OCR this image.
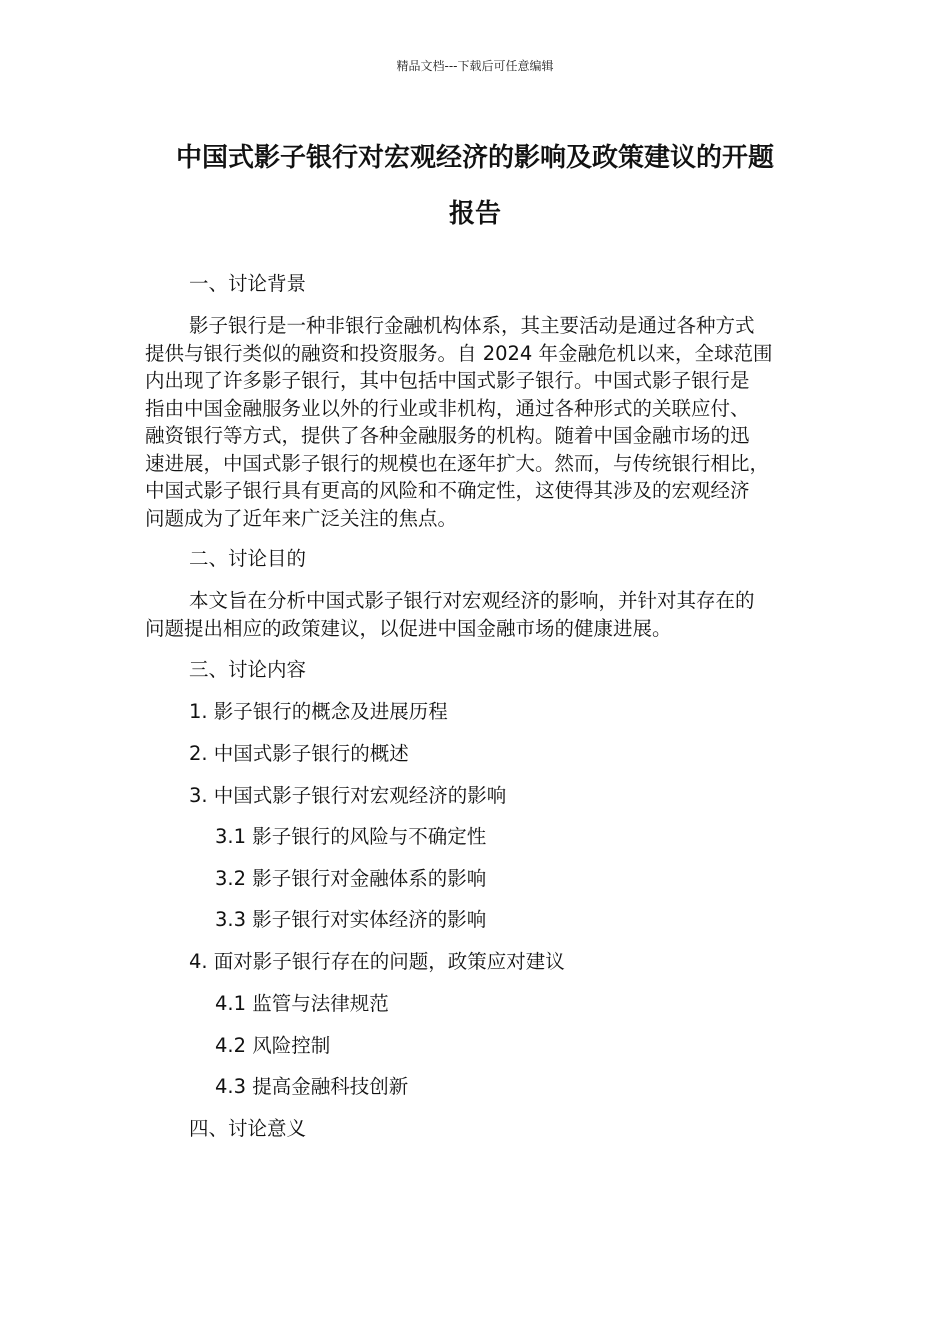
精品文档---下载后可任意编辑
中国式影子银行对宏观经济的影响及政策建议的开题
报告
一、讨论背景
影子银行是一种非银行金融机构体系，其主要活动是通过各种方式
提供与银行类似的融资和投资服务。自 2024 年金融危机以来，全球范围
内出现了许多影子银行，其中包括中国式影子银行。中国式影子银行是
指由中国金融服务业以外的行业或非机构，通过各种形式的关联应付、
融资银行等方式，提供了各种金融服务的机构。随着中国金融市场的迅
速进展，中国式影子银行的规模也在逐年扩大。然而，与传统银行相比，
中国式影子银行具有更高的风险和不确定性，这使得其涉及的宏观经济
问题成为了近年来广泛关注的焦点。
二、讨论目的
本文旨在分析中国式影子银行对宏观经济的影响，并针对其存在的
问题提出相应的政策建议，以促进中国金融市场的健康进展。
三、讨论内容
1. 影子银行的概念及进展历程
2. 中国式影子银行的概述
3. 中国式影子银行对宏观经济的影响
3.1 影子银行的风险与不确定性
3.2 影子银行对金融体系的影响
3.3 影子银行对实体经济的影响
4. 面对影子银行存在的问题，政策应对建议
4.1 监管与法律规范
4.2 风险控制
4.3 提高金融科技创新
四、讨论意义
